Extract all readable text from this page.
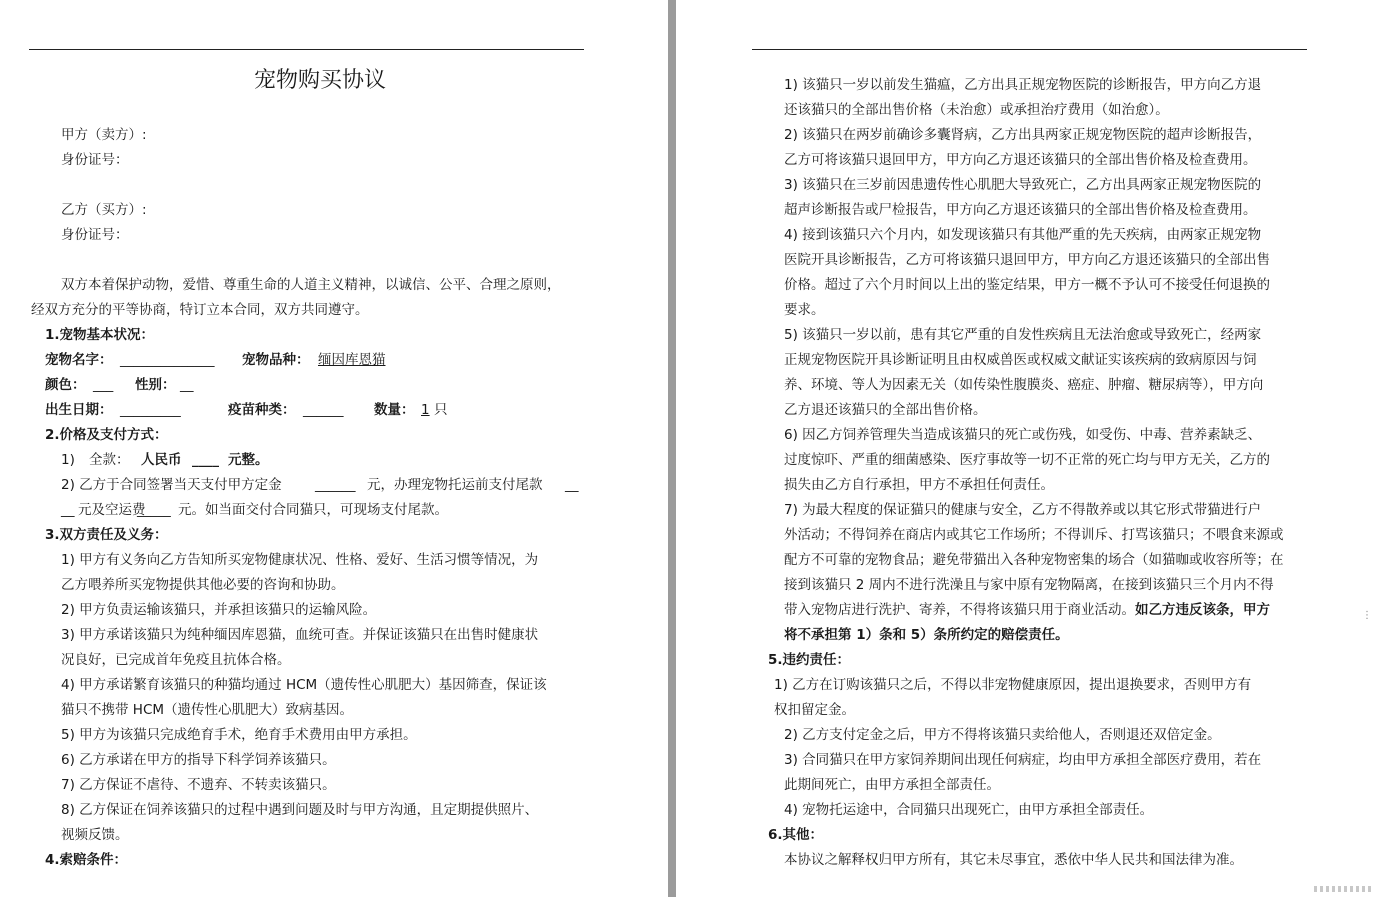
宠物购买协议
甲方（卖方）:
身份证号：
乙方（买方）:
身份证号：
双方本着保护动物，爱惜、尊重生命的人道主义精神，以诚信、公平、合理之原则，
经双方充分的平等协商，特订立本合同，双方共同遵守。
1.宠物基本状况：
宠物名字： ______________ 宠物品种： 缅因库恩猫
颜色： ___ 性别： __
出生日期： _________	疫苗种类： ______ 数量： 1 只
2.价格及支付方式：
1) 全款： 人民币 ____ 元整。
2) 乙方于合同签署当天支付甲方定金 ______ 元，办理宠物托运前支付尾款 __
__ 元及空运费
_____ 元。如当面交付合同猫只，可现场支付尾款。
3.双方责任及义务：
1) 甲方有义务向乙方告知所买宠物健康状况、性格、爱好、生活习惯等情况，为
乙方喂养所买宠物提供其他必要的咨询和协助。
2) 甲方负责运输该猫只，并承担该猫只的运输风险。
3) 甲方承诺该猫只为纯种缅因库恩猫，血统可查。并保证该猫只在出售时健康状
况良好，已完成首年免疫且抗体合格。
4) 甲方承诺繁育该猫只的种猫均通过 HCM（遗传性心肌肥大）基因筛查，保证该
猫只不携带 HCM（遗传性心肌肥大）致病基因。
5) 甲方为该猫只完成绝育手术，绝育手术费用由甲方承担。
6) 乙方承诺在甲方的指导下科学饲养该猫只。
7) 乙方保证不虐待、不遗弃、不转卖该猫只。
8) 乙方保证在饲养该猫只的过程中遇到问题及时与甲方沟通，且定期提供照片、
视频反馈。
4.索赔条件：
1) 该猫只一岁以前发生猫瘟，乙方出具正规宠物医院的诊断报告，甲方向乙方退
还该猫只的全部出售价格（未治愈）或承担治疗费用（如治愈）。
2) 该猫只在两岁前确诊多囊肾病，乙方出具两家正规宠物医院的超声诊断报告，
乙方可将该猫只退回甲方，甲方向乙方退还该猫只的全部出售价格及检查费用。
3) 该猫只在三岁前因患遗传性心肌肥大导致死亡，乙方出具两家正规宠物医院的
超声诊断报告或尸检报告，甲方向乙方退还该猫只的全部出售价格及检查费用。
4) 接到该猫只六个月内，如发现该猫只有其他严重的先天疾病，由两家正规宠物
医院开具诊断报告，乙方可将该猫只退回甲方，甲方向乙方退还该猫只的全部出售
价格。超过了六个月时间以上出的鉴定结果，甲方一概不予认可不接受任何退换的
要求。
5) 该猫只一岁以前，患有其它严重的自发性疾病且无法治愈或导致死亡，经两家
正规宠物医院开具诊断证明且由权威兽医或权威文献证实该疾病的致病原因与饲
养、环境、等人为因素无关（如传染性腹膜炎、癌症、肿瘤、糖尿病等），甲方向
乙方退还该猫只的全部出售价格。
6) 因乙方饲养管理失当造成该猫只的死亡或伤残，如受伤、中毒、营养素缺乏、
过度惊吓、严重的细菌感染、医疗事故等一切不正常的死亡均与甲方无关，乙方的
损失由乙方自行承担，甲方不承担任何责任。
7) 为最大程度的保证猫只的健康与安全，乙方不得散养或以其它形式带猫进行户
外活动；不得饲养在商店内或其它工作场所；不得训斥、打骂该猫只；不喂食来源或
配方不可靠的宠物食品；避免带猫出入各种宠物密集的场合（如猫咖或收容所等；在
接到该猫只 2 周内不进行洗澡且与家中原有宠物隔离，在接到该猫只三个月内不得
带入宠物店进行洗护、寄养，不得将该猫只用于商业活动。如乙方违反该条，甲方
将不承担第 1）条和 5）条所约定的赔偿责任。
5.违约责任：
1) 乙方在订购该猫只之后，不得以非宠物健康原因，提出退换要求，否则甲方有
权扣留定金。
2) 乙方支付定金之后，甲方不得将该猫只卖给他人，否则退还双倍定金。
3) 合同猫只在甲方家饲养期间出现任何病症，均由甲方承担全部医疗费用，若在
此期间死亡，由甲方承担全部责任。
4) 宠物托运途中，合同猫只出现死亡，由甲方承担全部责任。
6.其他：
本协议之解释权归甲方所有，其它未尽事宜，悉依中华人民共和国法律为准。
⋮
